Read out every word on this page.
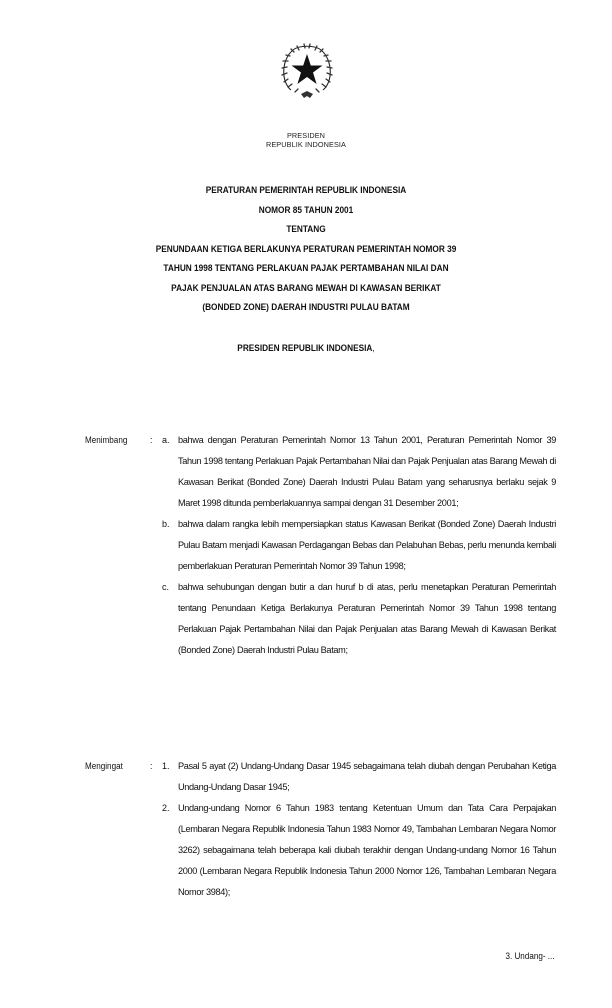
PRESIDEN
REPUBLIK INDONESIA
PERATURAN PEMERINTAH REPUBLIK INDONESIA
NOMOR 85 TAHUN 2001
TENTANG
PENUNDAAN KETIGA BERLAKUNYA PERATURAN PEMERINTAH NOMOR 39
TAHUN 1998 TENTANG PERLAKUAN PAJAK PERTAMBAHAN NILAI DAN
PAJAK PENJUALAN ATAS BARANG MEWAH DI KAWASAN BERIKAT
(BONDED ZONE) DAERAH INDUSTRI PULAU BATAM
PRESIDEN REPUBLIK INDONESIA,
Menimbang	: a. bahwa dengan Peraturan Pemerintah Nomor 13 Tahun 2001, Peraturan Pemerintah Nomor 39 Tahun 1998 tentang Perlakuan Pajak Pertambahan Nilai dan Pajak Penjualan atas Barang Mewah di Kawasan Berikat (Bonded Zone) Daerah Industri Pulau Batam yang seharusnya berlaku sejak 9 Maret 1998 ditunda pemberlakuannya sampai dengan 31 Desember 2001;
b. bahwa dalam rangka lebih mempersiapkan status Kawasan Berikat (Bonded Zone) Daerah Industri Pulau Batam menjadi Kawasan Perdagangan Bebas dan Pelabuhan Bebas, perlu menunda kembali pemberlakuan Peraturan Pemerintah Nomor 39 Tahun 1998;
c. bahwa sehubungan dengan butir a dan huruf b di atas, perlu menetapkan Peraturan Pemerintah tentang Penundaan Ketiga Berlakunya Peraturan Pemerintah Nomor 39 Tahun 1998 tentang Perlakuan Pajak Pertambahan Nilai dan Pajak Penjualan atas Barang Mewah di Kawasan Berikat (Bonded Zone) Daerah Industri Pulau Batam;
Mengingat	: 1. Pasal 5 ayat (2) Undang-Undang Dasar 1945 sebagaimana telah diubah dengan Perubahan Ketiga Undang-Undang Dasar 1945;
2. Undang-undang Nomor 6 Tahun 1983 tentang Ketentuan Umum dan Tata Cara Perpajakan (Lembaran Negara Republik Indonesia Tahun 1983 Nomor 49, Tambahan Lembaran Negara Nomor 3262) sebagaimana telah beberapa kali diubah terakhir dengan Undang-undang Nomor 16 Tahun 2000 (Lembaran Negara Republik Indonesia Tahun 2000 Nomor 126, Tambahan Lembaran Negara Nomor 3984);
3. Undang- ...
